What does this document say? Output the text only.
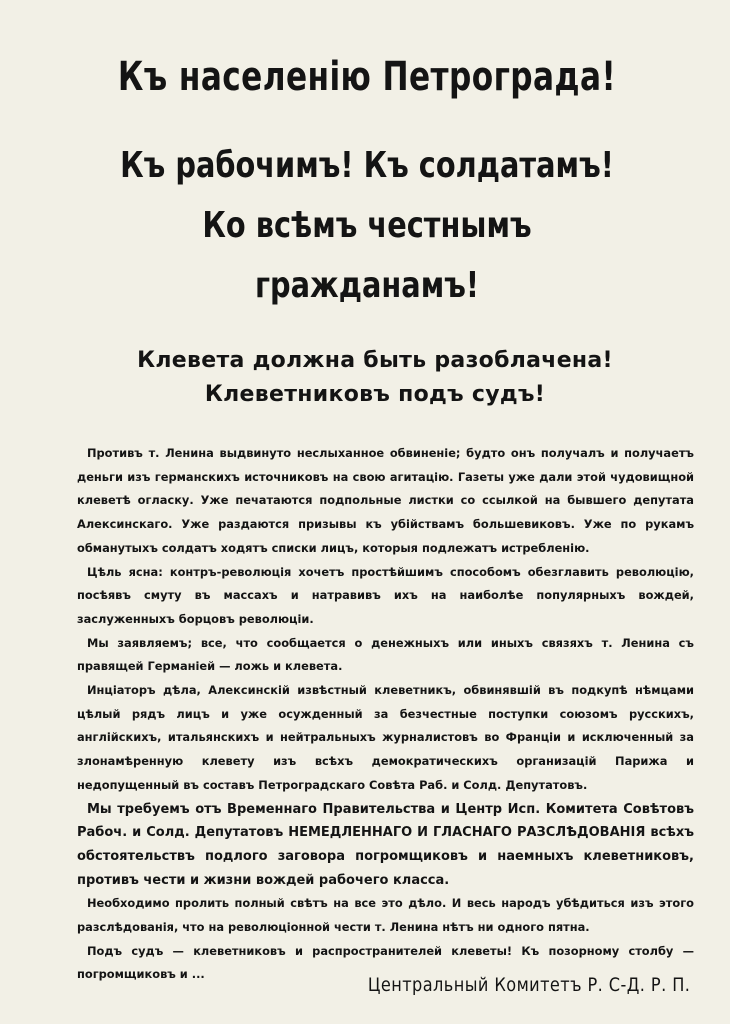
Къ населенію Петрограда!
Къ рабочимъ! Къ солдатамъ! Ко всѣмъ честнымъ гражданамъ!
Клевета должна быть разоблачена! Клеветниковъ подъ судъ!

Противъ т. Ленина выдвинуто неслыханное обвиненіе; будто онъ получалъ и получаетъ деньги изъ германскихъ источниковъ на свою агитацію. Газеты уже дали этой чудовищной клеветѣ огласку. Уже печатаются подпольные листки со ссылкой на бывшего депутата Алексинскаго. Уже раздаются призывы къ убійствамъ большевиковъ. Уже по рукамъ обманутыхъ солдатъ ходятъ списки лицъ, которыя подлежатъ истребленію.

Цѣль ясна: контръ-революція хочетъ простѣйшимъ способомъ обезглавить революцію, посѣявъ смуту въ массахъ и натравивъ ихъ на наиболѣе популярныхъ вождей, заслуженныхъ борцовъ революціи.

Мы заявляемъ; все, что сообщается о денежныхъ или иныхъ связяхъ т. Ленина съ правящей Германіей — ложь и клевета.

Инціаторъ дѣла, Алексинскій извѣстный клеветникъ, обвинявшій въ подкупѣ нѣмцами цѣлый рядъ лицъ и уже осужденный за безчестные поступки союзомъ русскихъ, англійскихъ, итальянскихъ и нейтральныхъ журналистовъ во Франціи и исключенный за злонамѣренную клевету изъ всѣхъ демократическихъ организацій Парижа и недопущенный въ составъ Петроградскаго Совѣта Раб. и Солд. Депутатовъ.

Мы требуемъ отъ Временнаго Правительства и Центр Исп. Комитета Совѣтовъ Рабоч. и Солд. Депутатовъ НЕМЕДЛЕННАГО И ГЛАСНАГО РАЗСЛѢДОВАНІЯ всѣхъ обстоятельствъ подлого заговора погромщиковъ и наемныхъ клеветниковъ, противъ чести и жизни вождей рабочего класса.

Необходимо пролить полный свѣтъ на все это дѣло. И весь народъ убѣдиться изъ этого разслѣдованія, что на революціонной чести т. Ленина нѣтъ ни одного пятна.

Подъ судъ — клеветниковъ и распространителей клеветы! Къ позорному столбу — погромщиковъ и ...	Центральный Комитетъ Р. С-Д. Р. П.
